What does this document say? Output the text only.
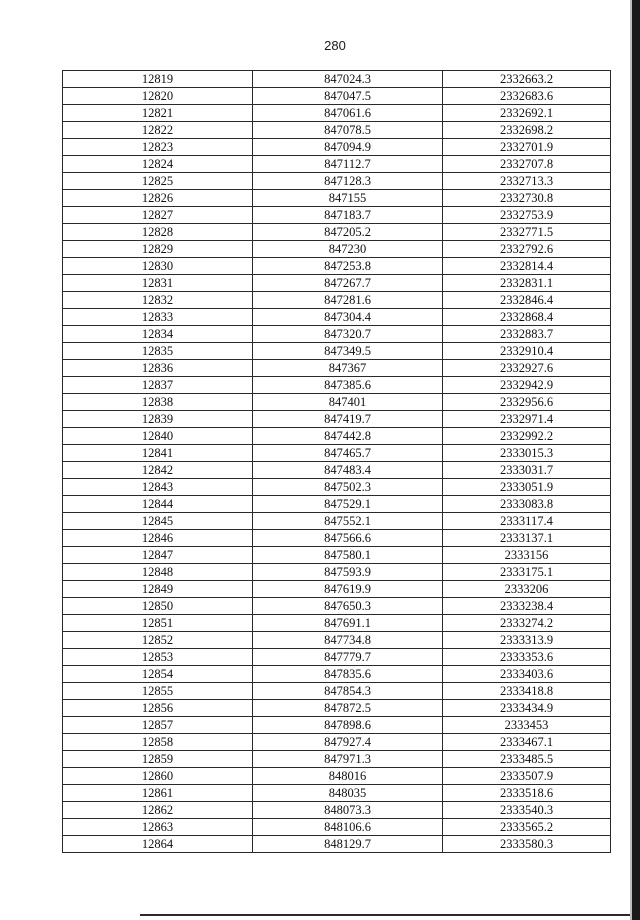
280
12819	847024.3	2332663.2
12820	847047.5	2332683.6
12821	847061.6	2332692.1
12822	847078.5	2332698.2
12823	847094.9	2332701.9
12824	847112.7	2332707.8
12825	847128.3	2332713.3
12826	847155	2332730.8
12827	847183.7	2332753.9
12828	847205.2	2332771.5
12829	847230	2332792.6
12830	847253.8	2332814.4
12831	847267.7	2332831.1
12832	847281.6	2332846.4
12833	847304.4	2332868.4
12834	847320.7	2332883.7
12835	847349.5	2332910.4
12836	847367	2332927.6
12837	847385.6	2332942.9
12838	847401	2332956.6
12839	847419.7	2332971.4
12840	847442.8	2332992.2
12841	847465.7	2333015.3
12842	847483.4	2333031.7
12843	847502.3	2333051.9
12844	847529.1	2333083.8
12845	847552.1	2333117.4
12846	847566.6	2333137.1
12847	847580.1	2333156
12848	847593.9	2333175.1
12849	847619.9	2333206
12850	847650.3	2333238.4
12851	847691.1	2333274.2
12852	847734.8	2333313.9
12853	847779.7	2333353.6
12854	847835.6	2333403.6
12855	847854.3	2333418.8
12856	847872.5	2333434.9
12857	847898.6	2333453
12858	847927.4	2333467.1
12859	847971.3	2333485.5
12860	848016	2333507.9
12861	848035	2333518.6
12862	848073.3	2333540.3
12863	848106.6	2333565.2
12864	848129.7	2333580.3
